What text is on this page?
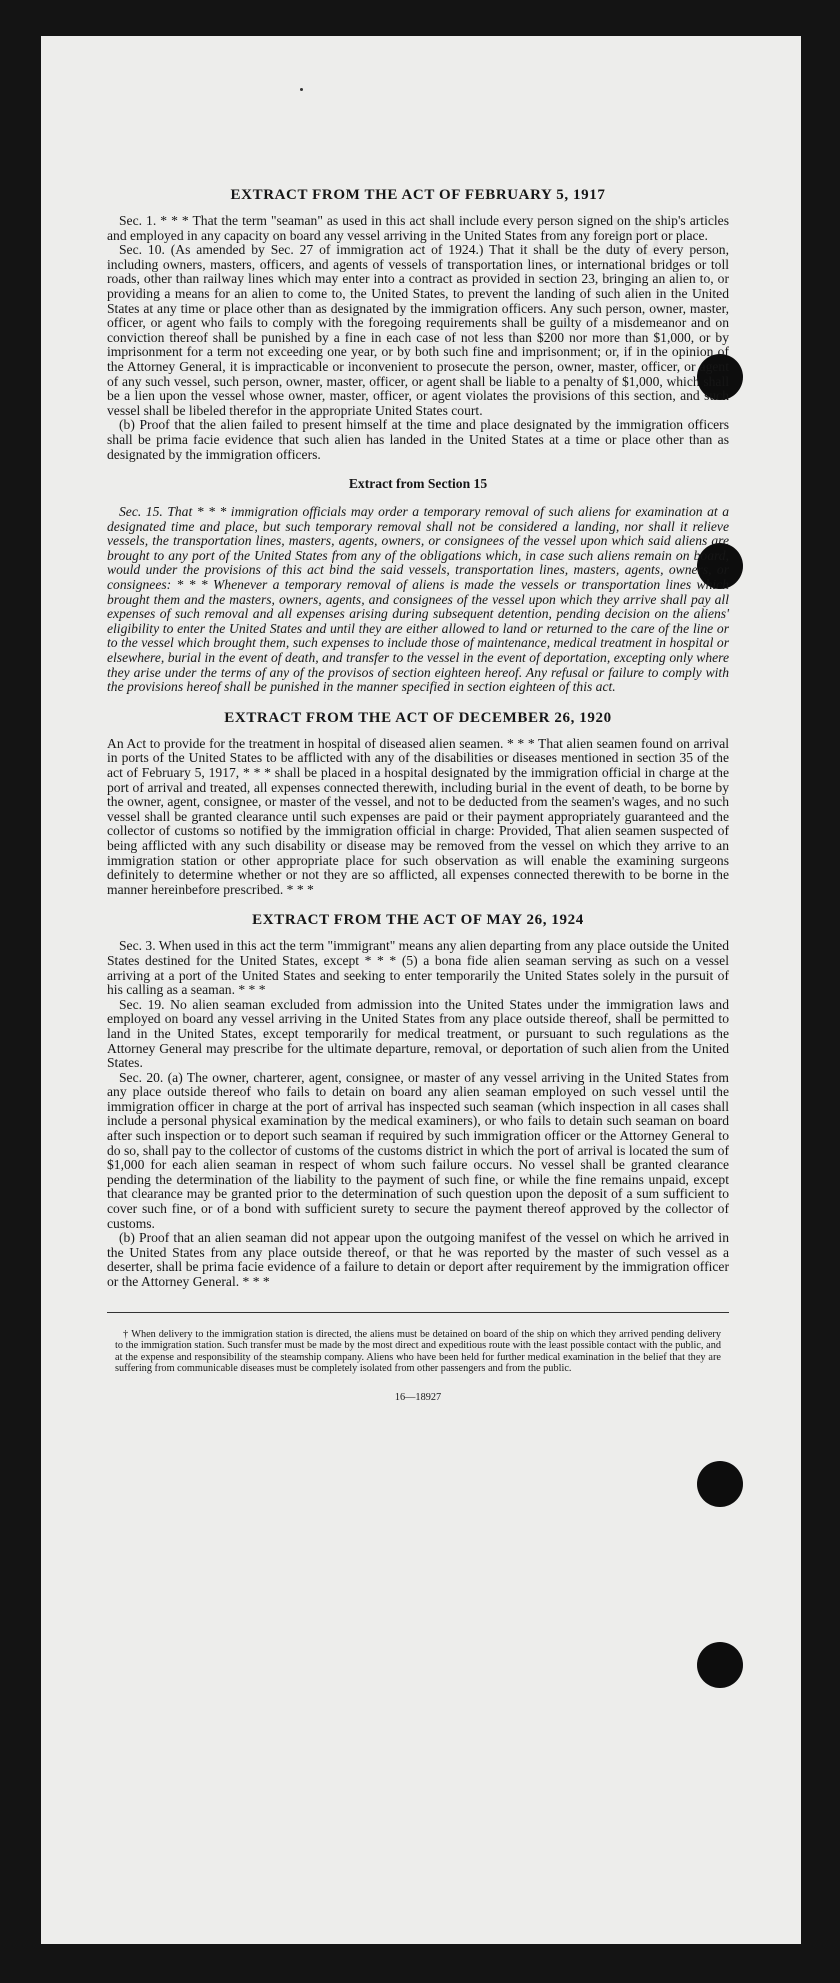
10
EXTRACT FROM THE ACT OF FEBRUARY 5, 1917

Sec. 1. * * * That the term "seaman" as used in this act shall include every person signed on the ship's articles and employed in any capacity on board any vessel arriving in the United States from any foreign port or place.

Sec. 10. (As amended by Sec. 27 of immigration act of 1924.) That it shall be the duty of every person, including owners, masters, officers, and agents of vessels of transportation lines, or international bridges or toll roads, other than railway lines which may enter into a contract as provided in section 23, bringing an alien to, or providing a means for an alien to come to, the United States, to prevent the landing of such alien in the United States at any time or place other than as designated by the immigration officers. Any such person, owner, master, officer, or agent who fails to comply with the foregoing requirements shall be guilty of a misdemeanor and on conviction thereof shall be punished by a fine in each case of not less than $200 nor more than $1,000, or by imprisonment for a term not exceeding one year, or by both such fine and imprisonment; or, if in the opinion of the Attorney General, it is impracticable or inconvenient to prosecute the person, owner, master, officer, or agent of any such vessel, such person, owner, master, officer, or agent shall be liable to a penalty of $1,000, which shall be a lien upon the vessel whose owner, master, officer, or agent violates the provisions of this section, and such vessel shall be libeled therefor in the appropriate United States court.

(b) Proof that the alien failed to present himself at the time and place designated by the immigration officers shall be prima facie evidence that such alien has landed in the United States at a time or place other than as designated by the immigration officers.

Extract from Section 15

Sec. 15. That * * * immigration officials may order a temporary removal of such aliens for examination at a designated time and place, but such temporary removal shall not be considered a landing, nor shall it relieve vessels, the transportation lines, masters, agents, owners, or consignees of the vessel upon which said aliens are brought to any port of the United States from any of the obligations which, in case such aliens remain on board, would under the provisions of this act bind the said vessels, transportation lines, masters, agents, owners, or consignees: * * * Whenever a temporary removal of aliens is made the vessels or transportation lines which brought them and the masters, owners, agents, and consignees of the vessel upon which they arrive shall pay all expenses of such removal and all expenses arising during subsequent detention, pending decision on the aliens' eligibility to enter the United States and until they are either allowed to land or returned to the care of the line or to the vessel which brought them, such expenses to include those of maintenance, medical treatment in hospital or elsewhere, burial in the event of death, and transfer to the vessel in the event of deportation, excepting only where they arise under the terms of any of the provisos of section eighteen hereof. Any refusal or failure to comply with the provisions hereof shall be punished in the manner specified in section eighteen of this act.

EXTRACT FROM THE ACT OF DECEMBER 26, 1920

An Act to provide for the treatment in hospital of diseased alien seamen. * * * That alien seamen found on arrival in ports of the United States to be afflicted with any of the disabilities or diseases mentioned in section 35 of the act of February 5, 1917, * * * shall be placed in a hospital designated by the immigration official in charge at the port of arrival and treated, all expenses connected therewith, including burial in the event of death, to be borne by the owner, agent, consignee, or master of the vessel, and not to be deducted from the seamen's wages, and no such vessel shall be granted clearance until such expenses are paid or their payment appropriately guaranteed and the collector of customs so notified by the immigration official in charge: Provided, That alien seamen suspected of being afflicted with any such disability or disease may be removed from the vessel on which they arrive to an immigration station or other appropriate place for such observation as will enable the examining surgeons definitely to determine whether or not they are so afflicted, all expenses connected therewith to be borne in the manner hereinbefore prescribed. * * *

EXTRACT FROM THE ACT OF MAY 26, 1924

Sec. 3. When used in this act the term "immigrant" means any alien departing from any place outside the United States destined for the United States, except * * * (5) a bona fide alien seaman serving as such on a vessel arriving at a port of the United States and seeking to enter temporarily the United States solely in the pursuit of his calling as a seaman. * * *

Sec. 19. No alien seaman excluded from admission into the United States under the immigration laws and employed on board any vessel arriving in the United States from any place outside thereof, shall be permitted to land in the United States, except temporarily for medical treatment, or pursuant to such regulations as the Attorney General may prescribe for the ultimate departure, removal, or deportation of such alien from the United States.

Sec. 20. (a) The owner, charterer, agent, consignee, or master of any vessel arriving in the United States from any place outside thereof who fails to detain on board any alien seaman employed on such vessel until the immigration officer in charge at the port of arrival has inspected such seaman (which inspection in all cases shall include a personal physical examination by the medical examiners), or who fails to detain such seaman on board after such inspection or to deport such seaman if required by such immigration officer or the Attorney General to do so, shall pay to the collector of customs of the customs district in which the port of arrival is located the sum of $1,000 for each alien seaman in respect of whom such failure occurs. No vessel shall be granted clearance pending the determination of the liability to the payment of such fine, or while the fine remains unpaid, except that clearance may be granted prior to the determination of such question upon the deposit of a sum sufficient to cover such fine, or of a bond with sufficient surety to secure the payment thereof approved by the collector of customs.

(b) Proof that an alien seaman did not appear upon the outgoing manifest of the vessel on which he arrived in the United States from any place outside thereof, or that he was reported by the master of such vessel as a deserter, shall be prima facie evidence of a failure to detain or deport after requirement by the immigration officer or the Attorney General. * * *

† When delivery to the immigration station is directed, the aliens must be detained on board of the ship on which they arrived pending delivery to the immigration station. Such transfer must be made by the most direct and expeditious route with the least possible contact with the public, and at the expense and responsibility of the steamship company. Aliens who have been held for further medical examination in the belief that they are suffering from communicable diseases must be completely isolated from other passengers and from the public.

16—18927
